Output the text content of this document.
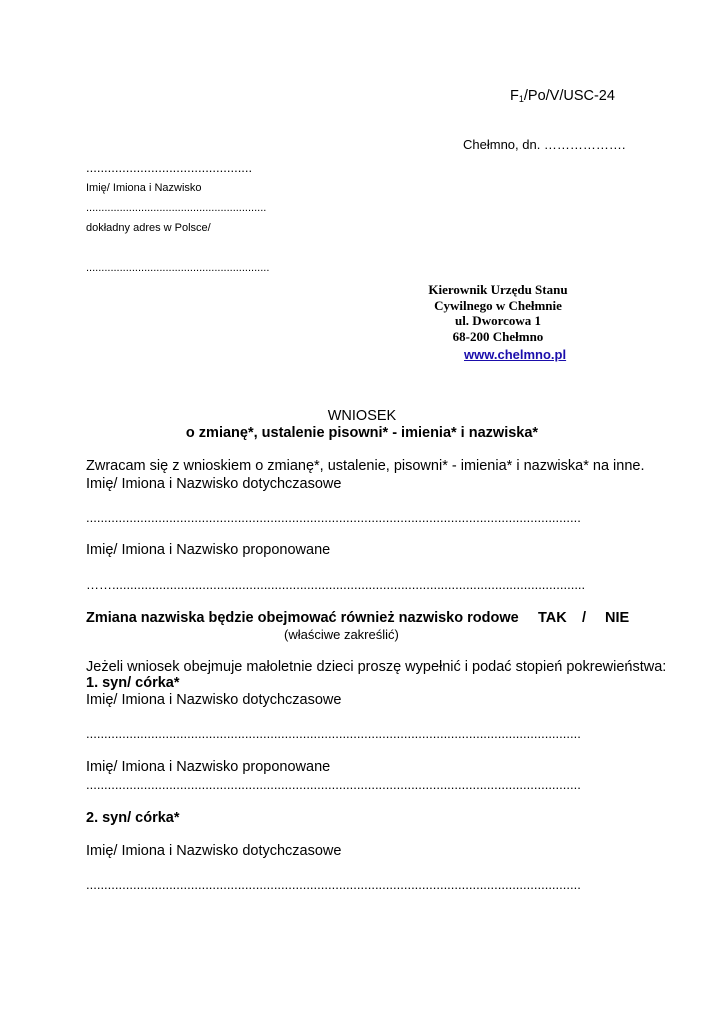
$F_1/Po/V/USC-24$
Chełmno, dn. ……………….
..............................................
Imię/ Imiona i Nazwisko
...........................................................
dokładny adres w Polsce/
............................................................
Kierownik Urzędu Stanu
Cywilnego w Chełmnie
ul. Dworcowa 1
68-200 Chełmno
www.chelmno.pl
WNIOSEK
o zmianę*, ustalenie pisowni* - imienia* i nazwiska*
Zwracam się z wnioskiem o zmianę*, ustalenie, pisowni* - imienia* i nazwiska* na inne.
Imię/ Imiona i Nazwisko dotychczasowe
.........................................................................................................................................
Imię/ Imiona i Nazwisko proponowane
……...................................................................................................................................
Zmiana nazwiska będzie obejmować również nazwisko rodowe TAK / NIE
(właściwe zakreślić)
Jeżeli wniosek obejmuje małoletnie dzieci proszę wypełnić i podać stopień pokrewieństwa:
1. syn/ córka*
Imię/ Imiona i Nazwisko dotychczasowe
.........................................................................................................................................
Imię/ Imiona i Nazwisko proponowane
.........................................................................................................................................
2. syn/ córka*
Imię/ Imiona i Nazwisko dotychczasowe
.........................................................................................................................................
